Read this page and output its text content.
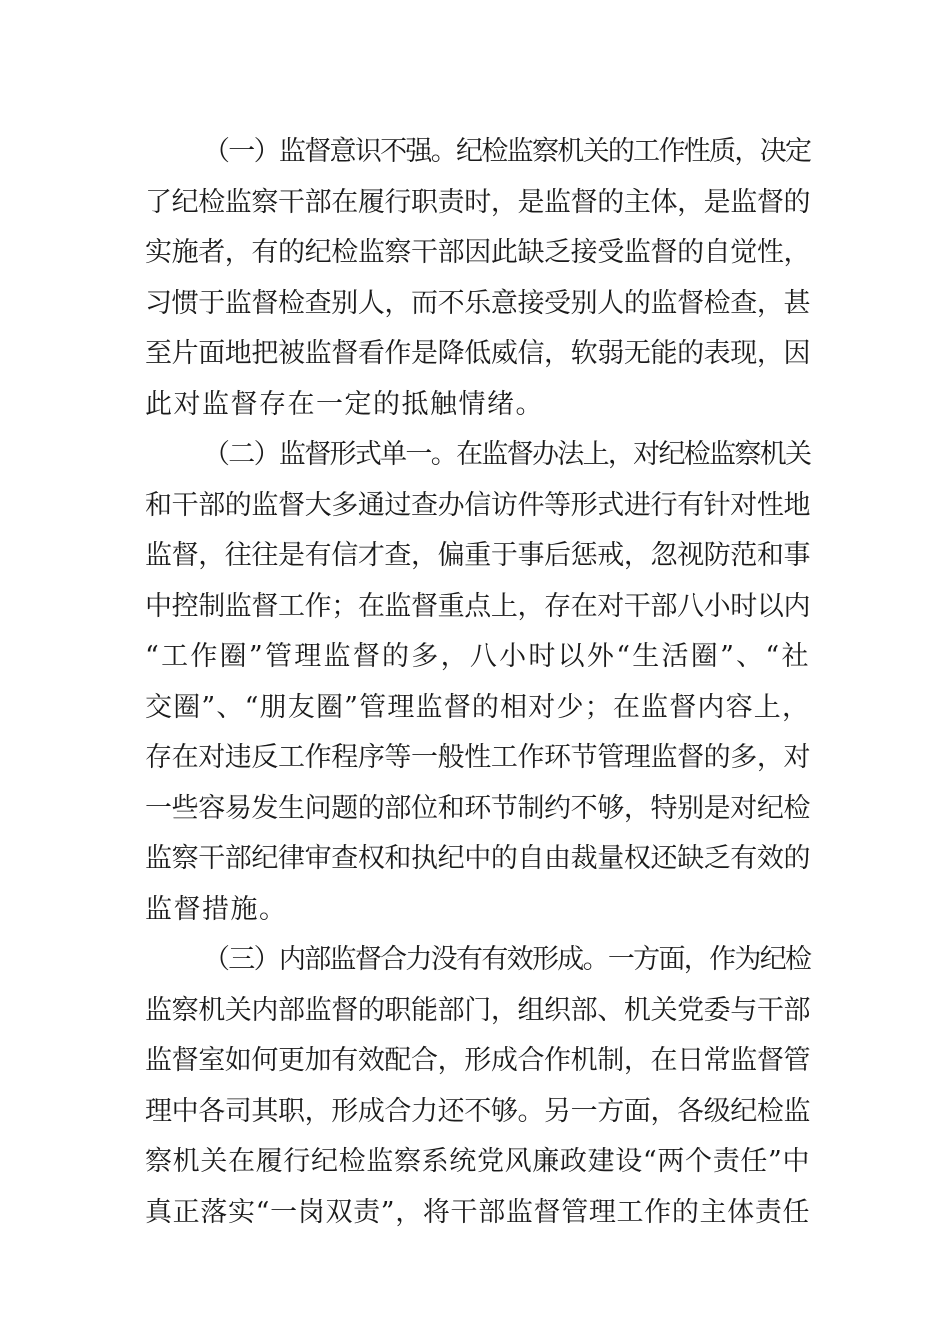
（一）监督意识不强。纪检监察机关的工作性质，决定
了纪检监察干部在履行职责时，是监督的主体，是监督的
实施者，有的纪检监察干部因此缺乏接受监督的自觉性，
习惯于监督检查别人，而不乐意接受别人的监督检查，甚
至片面地把被监督看作是降低威信，软弱无能的表现，因
此对监督存在一定的抵触情绪。
（二）监督形式单一。在监督办法上，对纪检监察机关
和干部的监督大多通过查办信访件等形式进行有针对性地
监督，往往是有信才查，偏重于事后惩戒，忽视防范和事
中控制监督工作；在监督重点上，存在对干部八小时以内
“工作圈”管理监督的多，八小时以外“生活圈”、“社
交圈”、“朋友圈”管理监督的相对少；在监督内容上，
存在对违反工作程序等一般性工作环节管理监督的多，对
一些容易发生问题的部位和环节制约不够，特别是对纪检
监察干部纪律审查权和执纪中的自由裁量权还缺乏有效的
监督措施。
（三）内部监督合力没有有效形成。一方面，作为纪检
监察机关内部监督的职能部门，组织部、机关党委与干部
监督室如何更加有效配合，形成合作机制，在日常监督管
理中各司其职，形成合力还不够。另一方面，各级纪检监
察机关在履行纪检监察系统党风廉政建设“两个责任”中
真正落实“一岗双责”，将干部监督管理工作的主体责任
